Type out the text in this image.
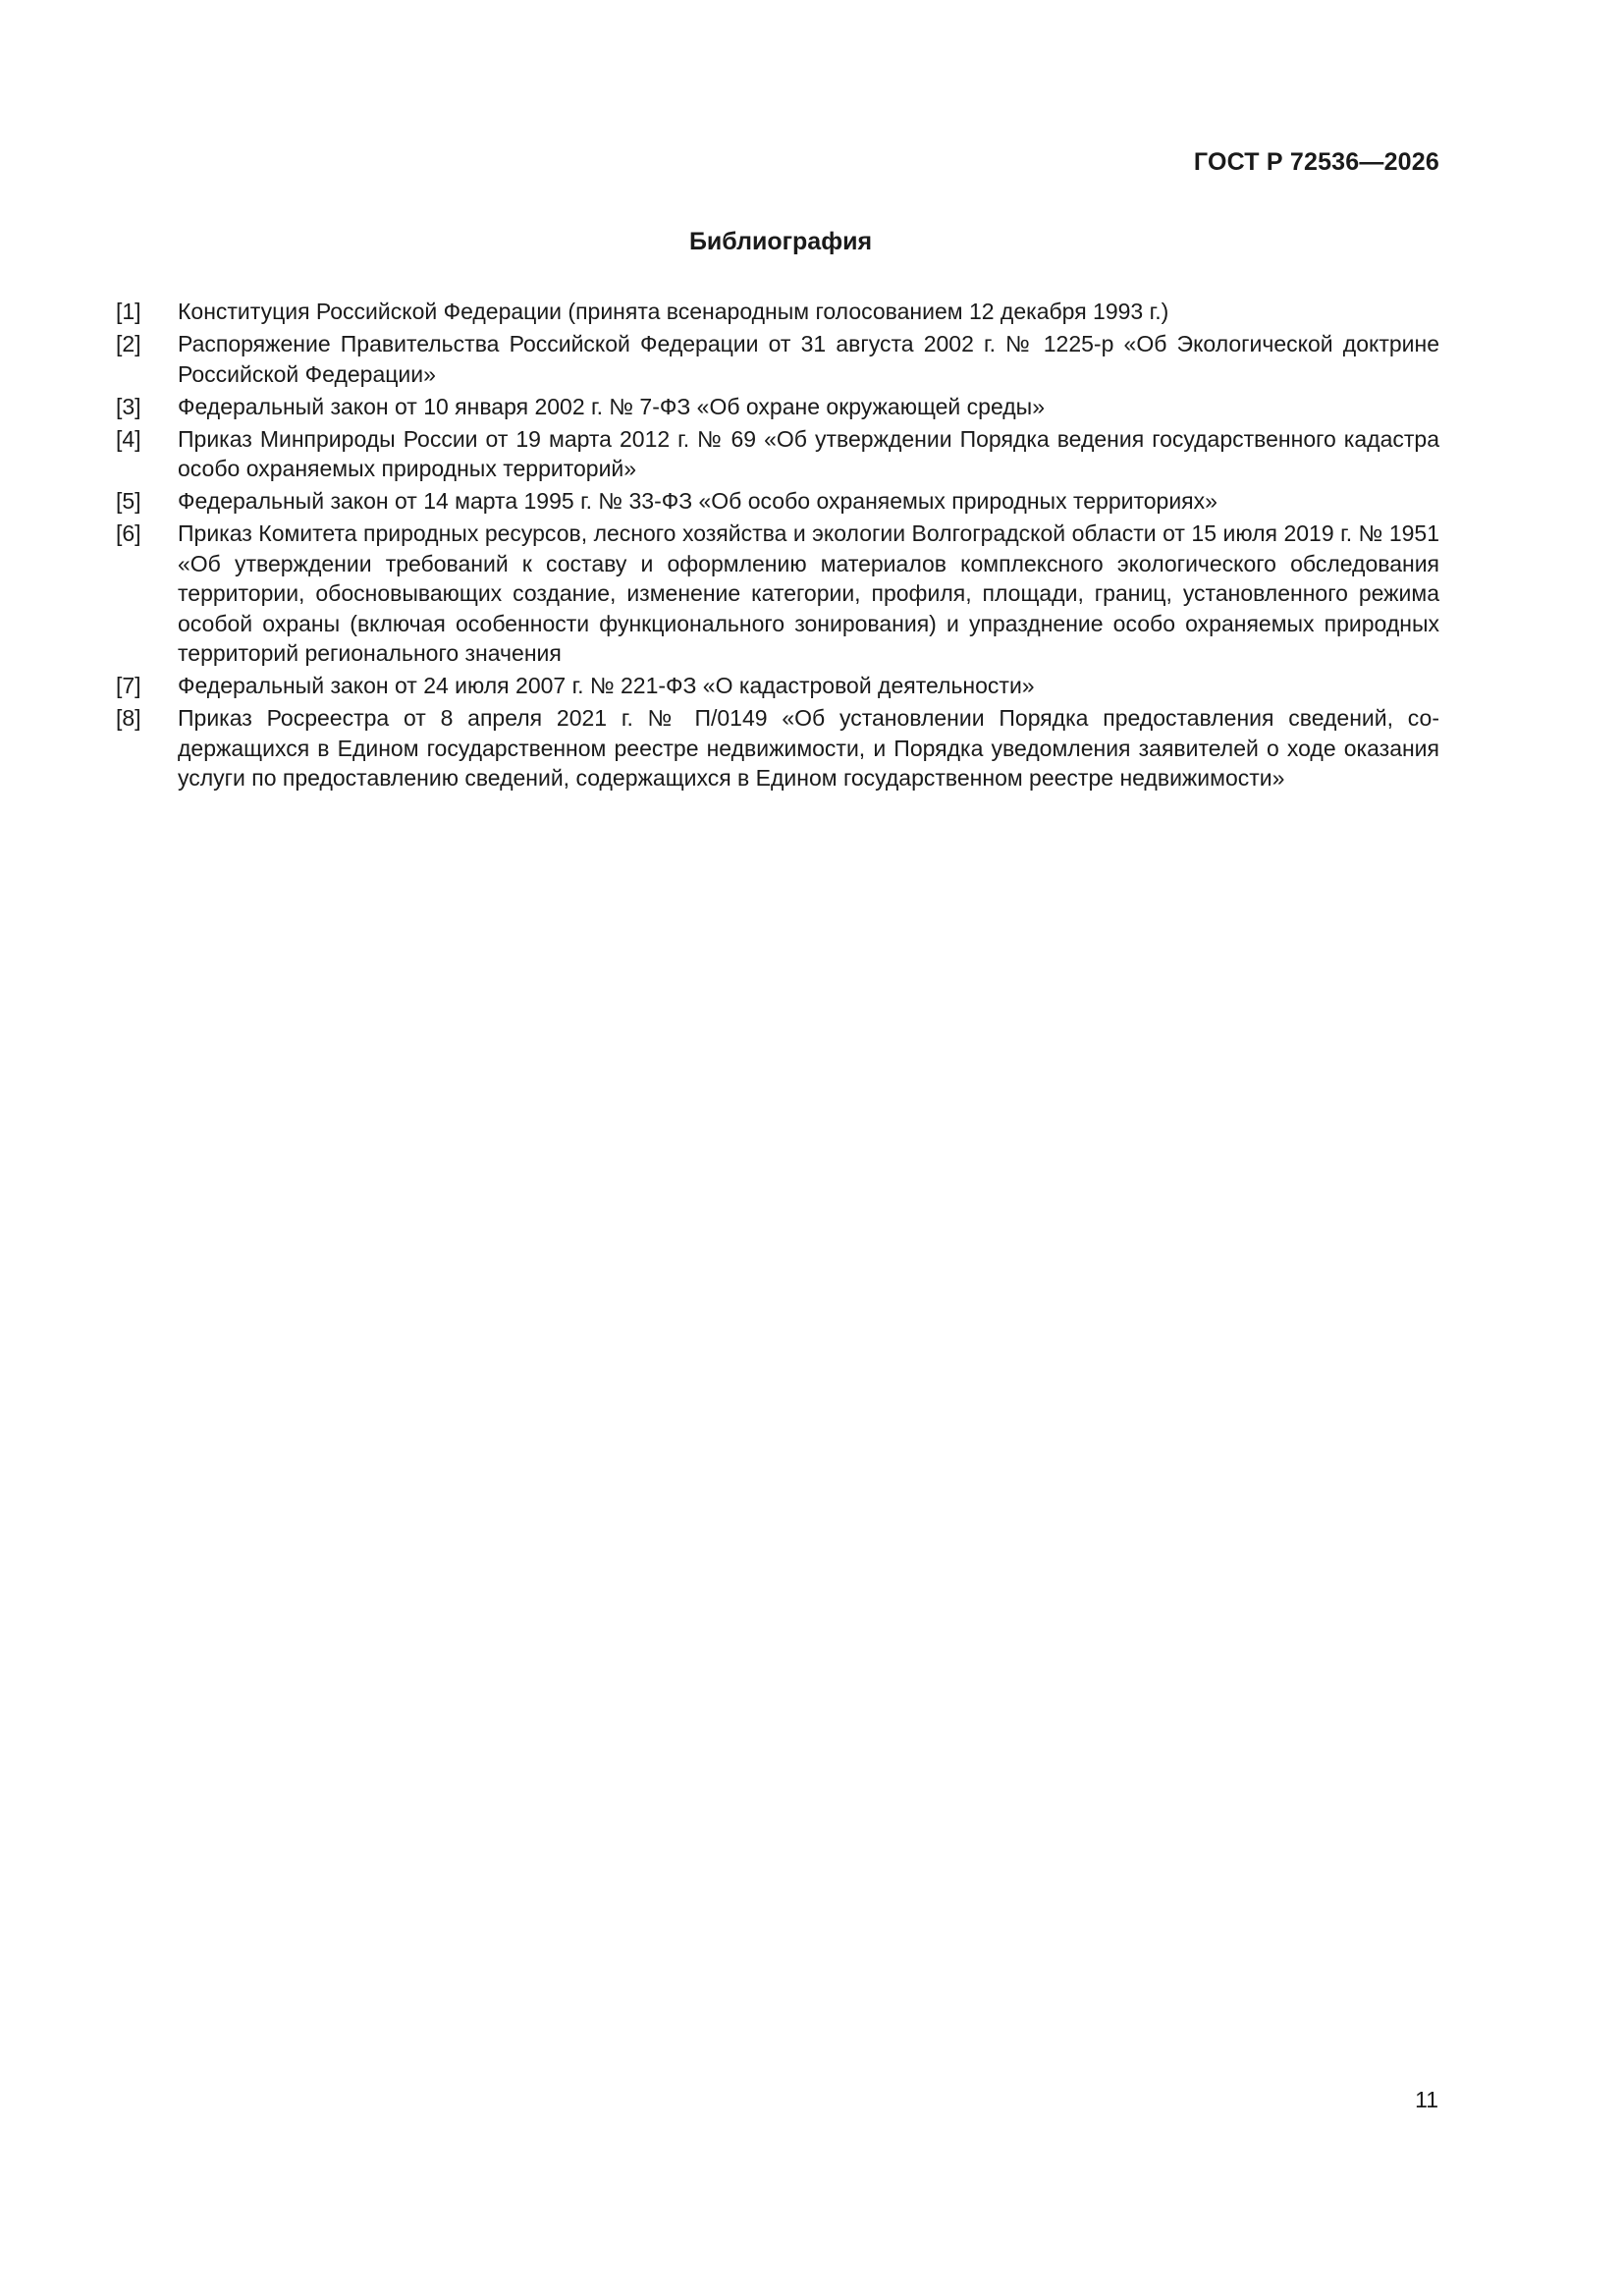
ГОСТ Р 72536—2026
Библиография
[1]	Конституция Российской Федерации (принята всенародным голосованием 12 декабря 1993 г.)
[2]	Распоряжение Правительства Российской Федерации от 31 августа 2002 г. № 1225-р «Об Экологической доктрине Российской Федерации»
[3]	Федеральный закон от 10 января 2002 г. № 7-ФЗ «Об охране окружающей среды»
[4]	Приказ Минприроды России от 19 марта 2012 г. № 69 «Об утверждении Порядка ведения государственного кадастра особо охраняемых природных территорий»
[5]	Федеральный закон от 14 марта 1995 г. № 33-ФЗ «Об особо охраняемых природных территориях»
[6]	Приказ Комитета природных ресурсов, лесного хозяйства и экологии Волгоградской области от 15 июля 2019 г. № 1951 «Об утверждении требований к составу и оформлению материалов комплексного экологического обследования территории, обосновывающих создание, изменение категории, профиля, площади, границ, установленного режима особой охраны (включая особенности функционального зонирования) и упразднение особо охраняемых природных территорий регионального значения
[7]	Федеральный закон от 24 июля 2007 г. № 221-ФЗ «О кадастровой деятельности»
[8]	Приказ Росреестра от 8 апреля 2021 г. № П/0149 «Об установлении Порядка предоставления сведений, содержащихся в Едином государственном реестре недвижимости, и Порядка уведомления заявителей о ходе оказания услуги по предоставлению сведений, содержащихся в Едином государственном реестре недвижимости»
11
